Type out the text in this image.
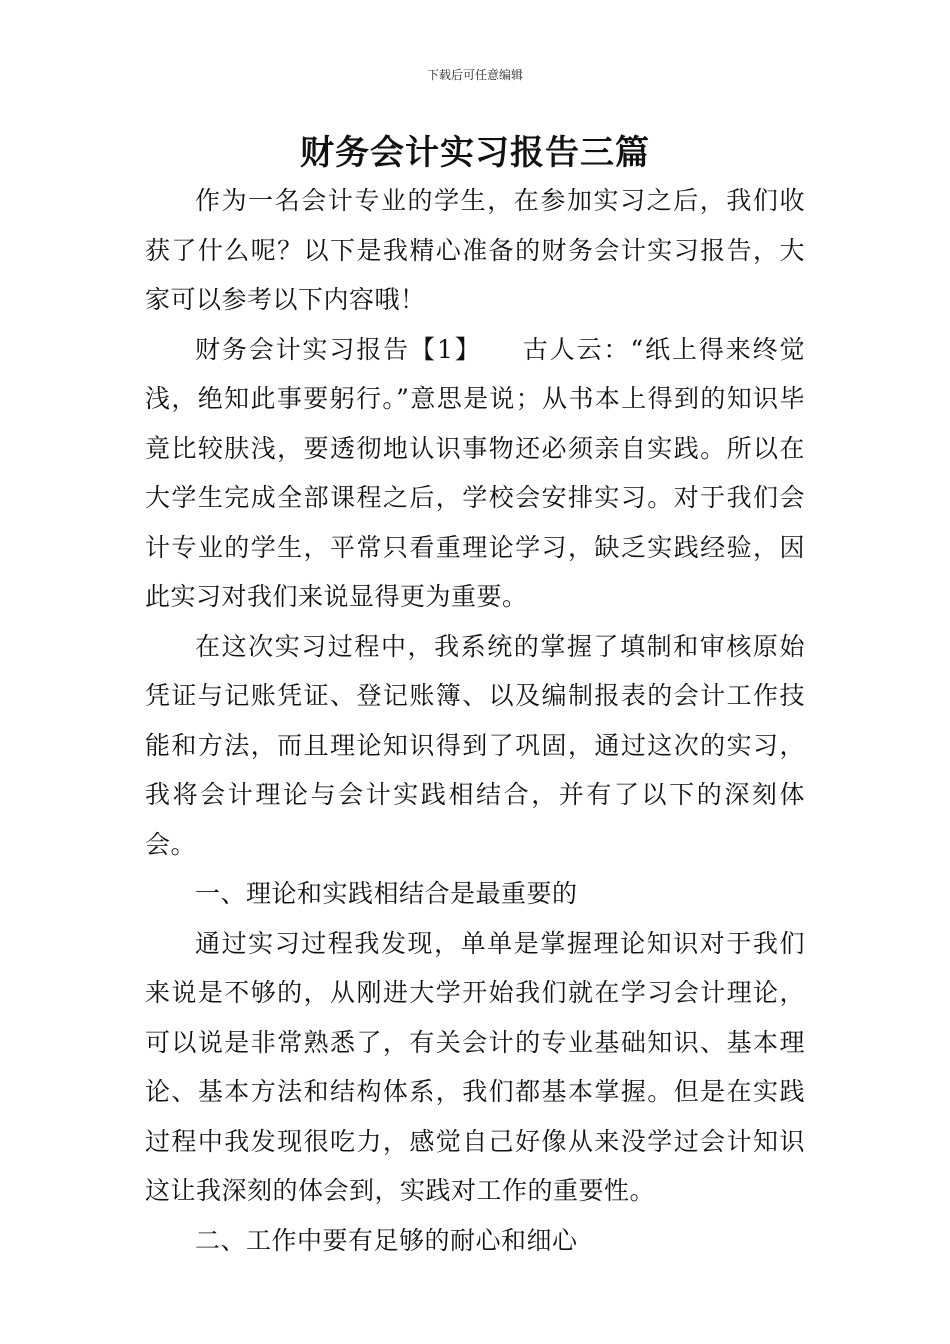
下载后可任意编辑
财务会计实习报告三篇

作为一名会计专业的学生，在参加实习之后，我们收获了什么呢？以下是我精心准备的财务会计实习报告，大家可以参考以下内容哦！

财务会计实习报告【1】　　古人云：“纸上得来终觉浅，绝知此事要躬行。”意思是说；从书本上得到的知识毕竟比较肤浅，要透彻地认识事物还必须亲自实践。所以在大学生完成全部课程之后，学校会安排实习。对于我们会计专业的学生，平常只看重理论学习，缺乏实践经验，因此实习对我们来说显得更为重要。

在这次实习过程中，我系统的掌握了填制和审核原始凭证与记账凭证、登记账簿、以及编制报表的会计工作技能和方法，而且理论知识得到了巩固，通过这次的实习，我将会计理论与会计实践相结合，并有了以下的深刻体会。

一、理论和实践相结合是最重要的

通过实习过程我发现，单单是掌握理论知识对于我们来说是不够的，从刚进大学开始我们就在学习会计理论，可以说是非常熟悉了，有关会计的专业基础知识、基本理论、基本方法和结构体系，我们都基本掌握。但是在实践过程中我发现很吃力，感觉自己好像从来没学过会计知识这让我深刻的体会到，实践对工作的重要性。

二、工作中要有足够的耐心和细心
